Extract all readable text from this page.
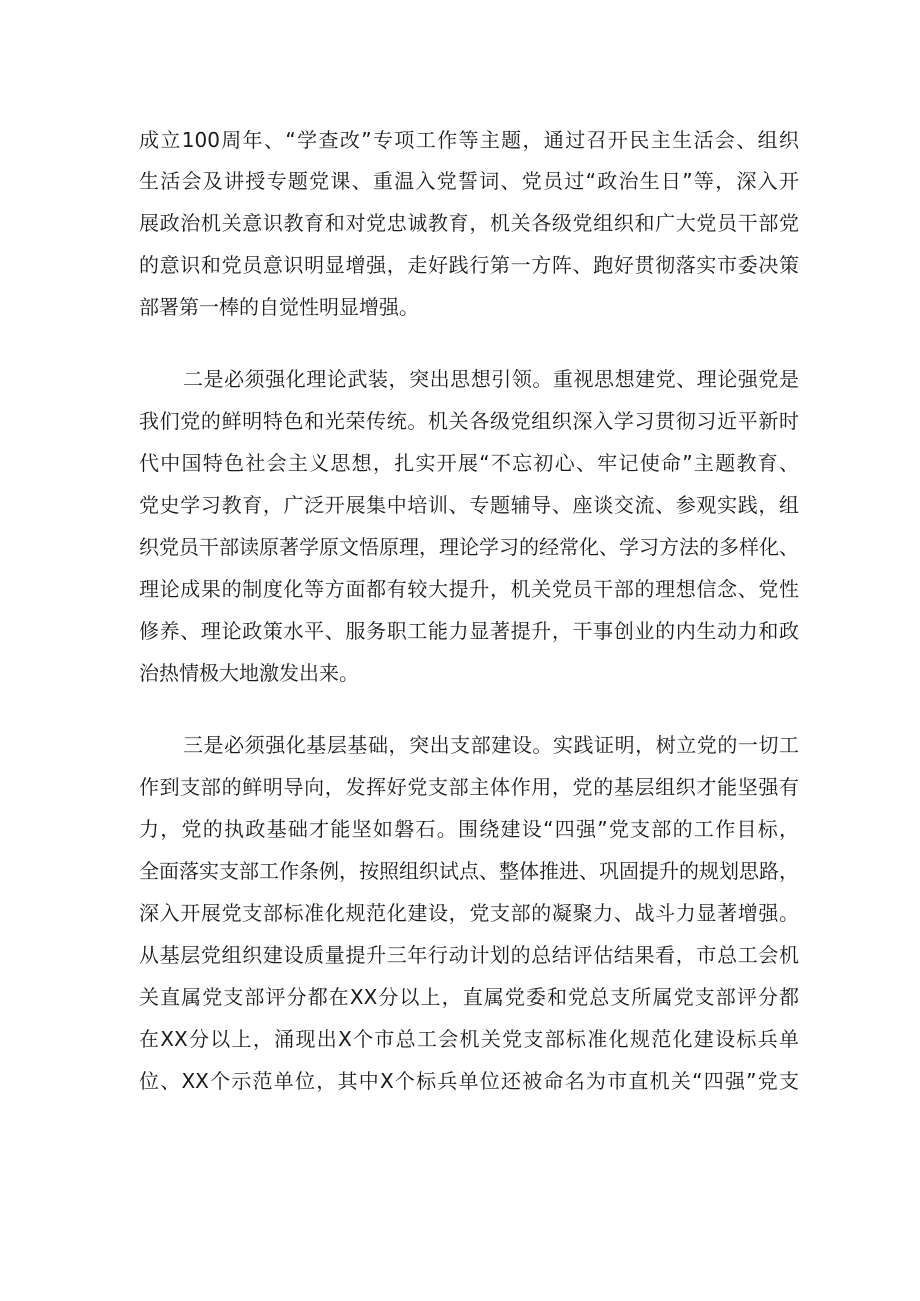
成立100周年、“学查改”专项工作等主题，通过召开民主生活会、组织
生活会及讲授专题党课、重温入党誓词、党员过“政治生日”等，深入开
展政治机关意识教育和对党忠诚教育，机关各级党组织和广大党员干部党
的意识和党员意识明显增强，走好践行第一方阵、跑好贯彻落实市委决策
部署第一棒的自觉性明显增强。
二是必须强化理论武装，突出思想引领。重视思想建党、理论强党是
我们党的鲜明特色和光荣传统。机关各级党组织深入学习贯彻习近平新时
代中国特色社会主义思想，扎实开展“不忘初心、牢记使命”主题教育、
党史学习教育，广泛开展集中培训、专题辅导、座谈交流、参观实践，组
织党员干部读原著学原文悟原理，理论学习的经常化、学习方法的多样化、
理论成果的制度化等方面都有较大提升，机关党员干部的理想信念、党性
修养、理论政策水平、服务职工能力显著提升，干事创业的内生动力和政
治热情极大地激发出来。
三是必须强化基层基础，突出支部建设。实践证明，树立党的一切工
作到支部的鲜明导向，发挥好党支部主体作用，党的基层组织才能坚强有
力，党的执政基础才能坚如磐石。围绕建设“四强”党支部的工作目标，
全面落实支部工作条例，按照组织试点、整体推进、巩固提升的规划思路，
深入开展党支部标准化规范化建设，党支部的凝聚力、战斗力显著增强。
从基层党组织建设质量提升三年行动计划的总结评估结果看，市总工会机
关直属党支部评分都在XX分以上，直属党委和党总支所属党支部评分都
在XX分以上，涌现出X个市总工会机关党支部标准化规范化建设标兵单
位、XX个示范单位，其中X个标兵单位还被命名为市直机关“四强”党支
